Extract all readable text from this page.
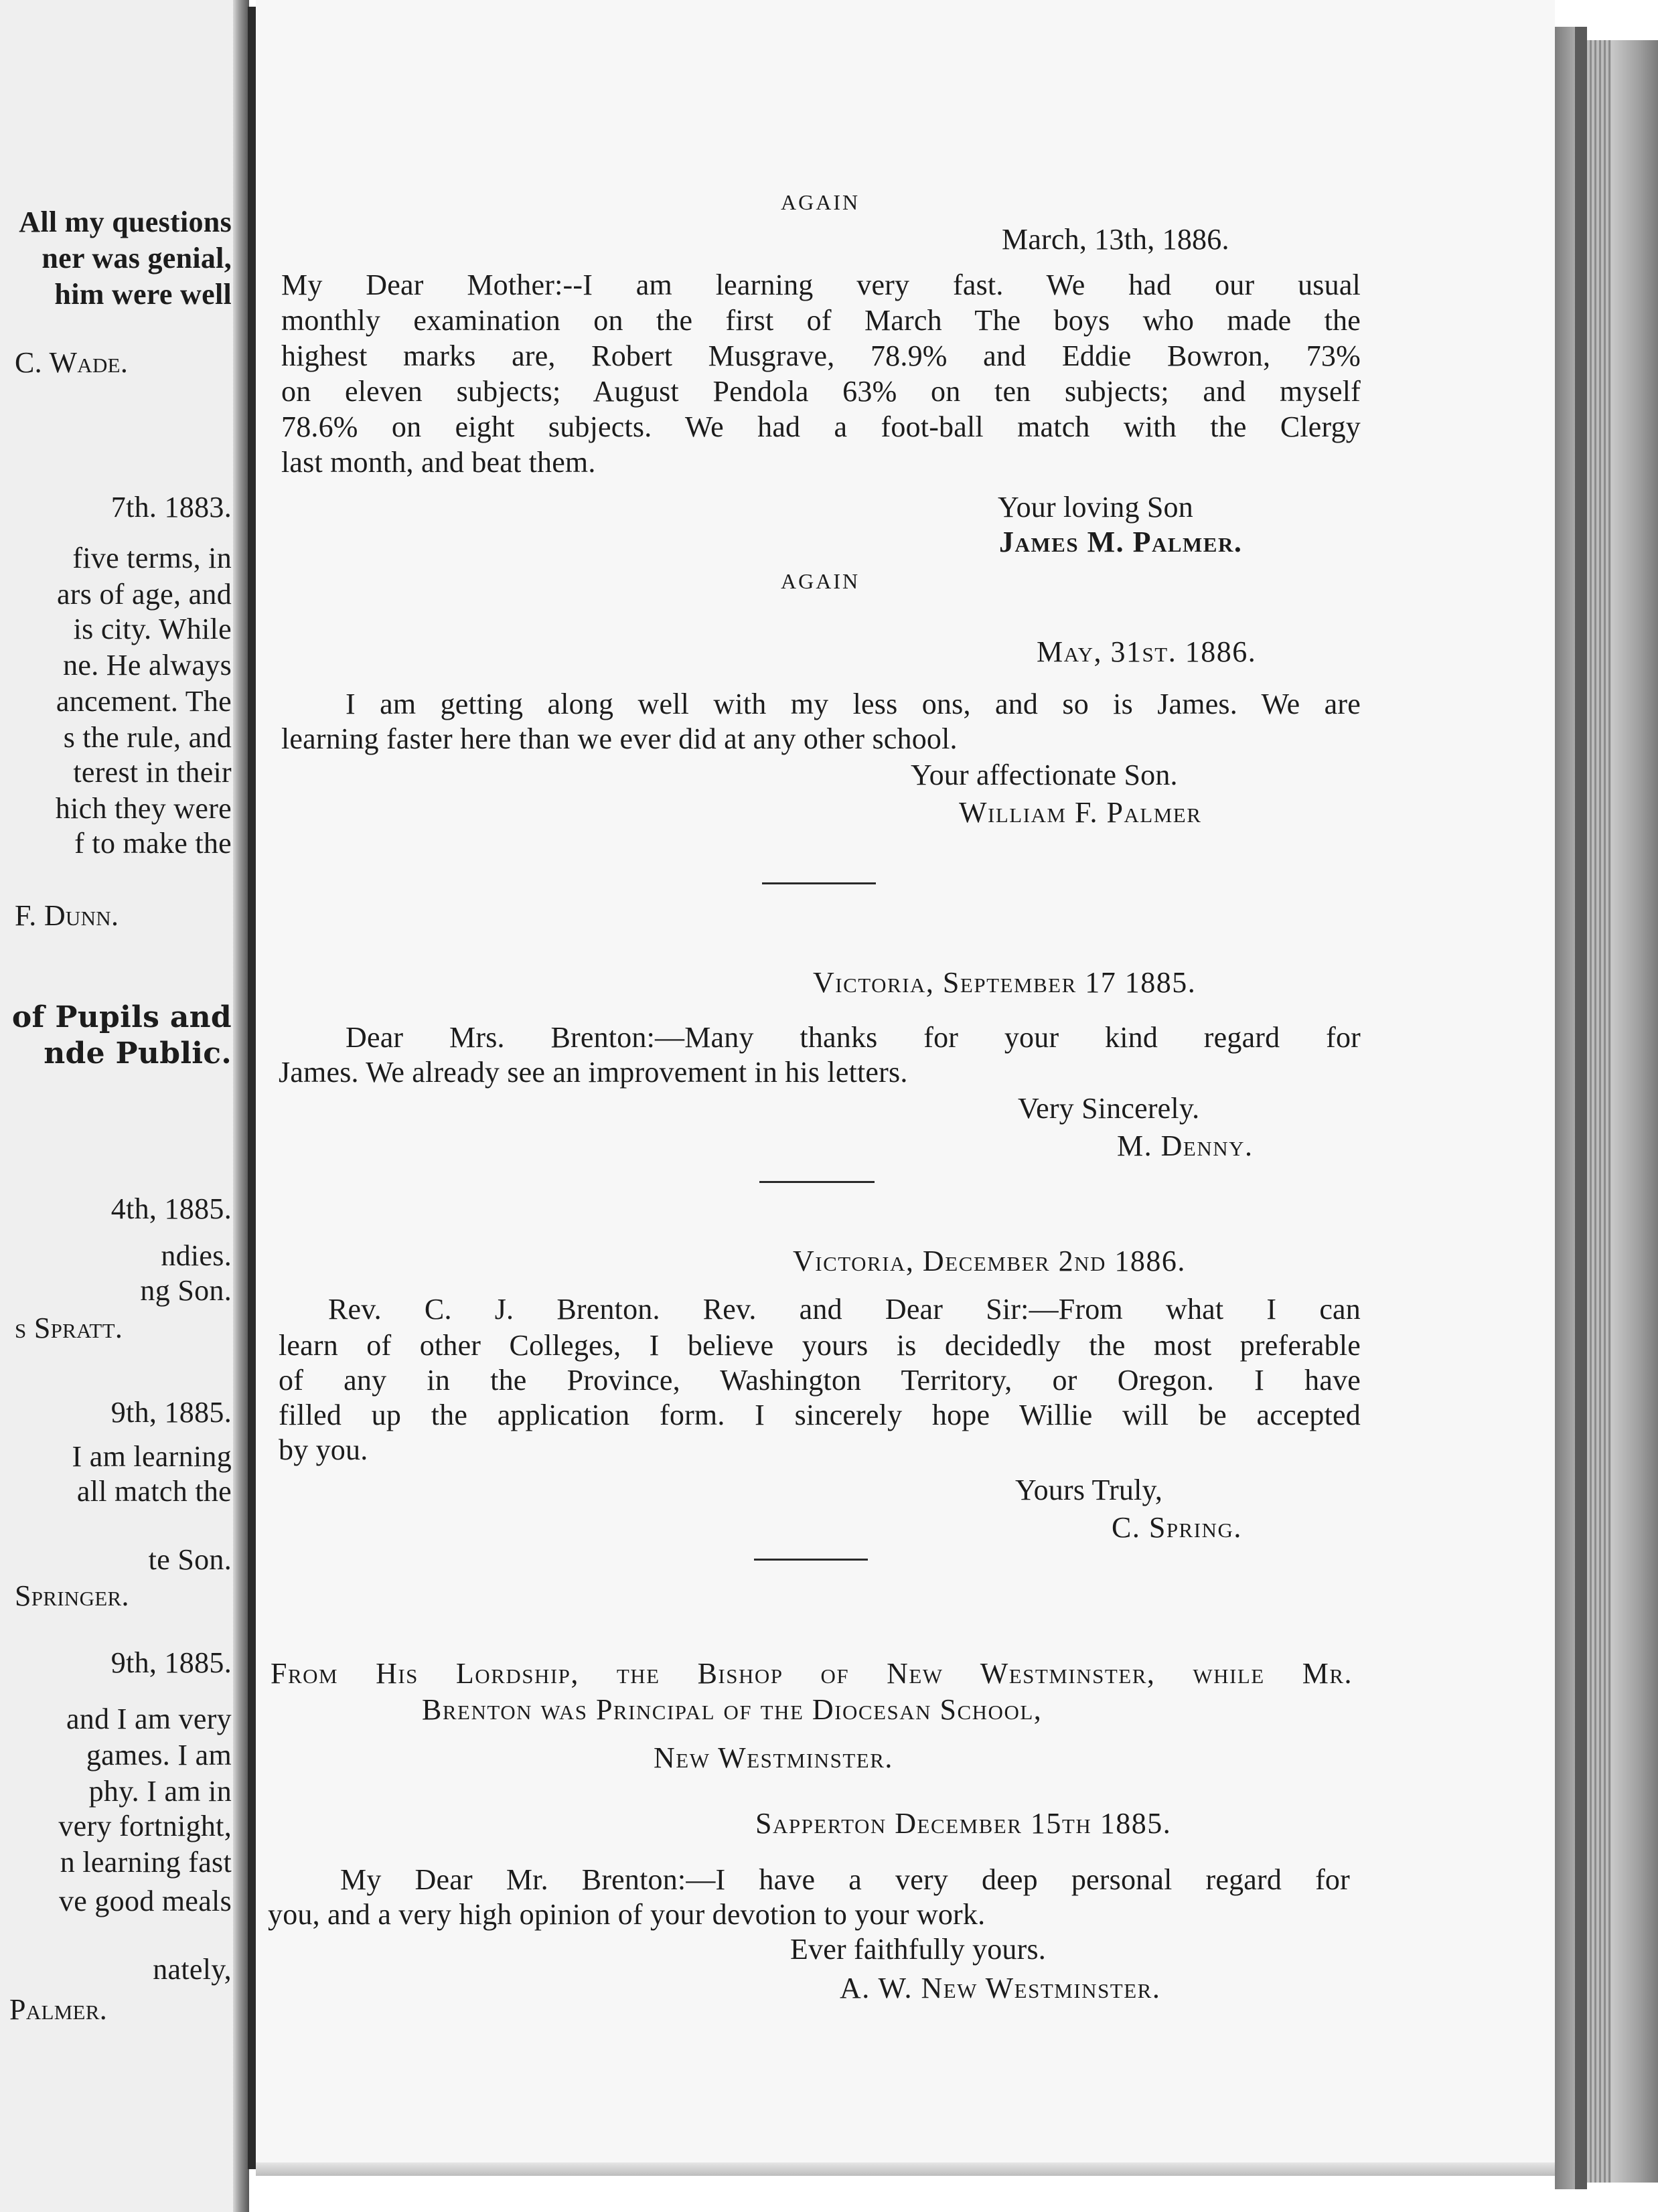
All my questions
ner was genial,
him were well
C. Wade.
7th. 1883.
five terms, in
ars of age, and
is city. While
ne. He always
ancement. The
s the rule, and
terest in their
hich they were
f to make the
F. Dunn.
of Pupils and
nde Public.
4th, 1885.
ndies.
ng Son.
s Spratt.
9th, 1885.
I am learning
all match the
te Son.
Springer.
9th, 1885.
and I am very
games. I am
phy. I am in
very fortnight,
n learning fast
ve good meals
nately,
Palmer.
AGAIN
March, 13th, 1886.
My Dear Mother:--I am learning very fast. We had our usual
monthly examination on the first of March The boys who made the
highest marks are, Robert Musgrave, 78.9% and Eddie Bowron, 73%
on eleven subjects; August Pendola 63% on ten subjects; and myself
78.6% on eight subjects. We had a foot-ball match with the Clergy
last month, and beat them.
Your loving Son
James M. Palmer.
AGAIN
May, 31st. 1886.
I am getting along well with my less ons, and so is James. We are
learning faster here than we ever did at any other school.
Your affectionate Son.
William F. Palmer
Victoria, September 17 1885.
Dear Mrs. Brenton:—Many thanks for your kind regard for
James. We already see an improvement in his letters.
Very Sincerely.
M. Denny.
Victoria, December 2nd 1886.
Rev. C. J. Brenton. Rev. and Dear Sir:—From what I can
learn of other Colleges, I believe yours is decidedly the most preferable
of any in the Province, Washington Territory, or Oregon. I have
filled up the application form. I sincerely hope Willie will be accepted
by you.
Yours Truly,
C. Spring.
From His Lordship, the Bishop of New Westminster, while Mr.
Brenton was Principal of the Diocesan School,
New Westminster.
Sapperton December 15th 1885.
My Dear Mr. Brenton:—I have a very deep personal regard for
you, and a very high opinion of your devotion to your work.
Ever faithfully yours.
A. W. New Westminster.
